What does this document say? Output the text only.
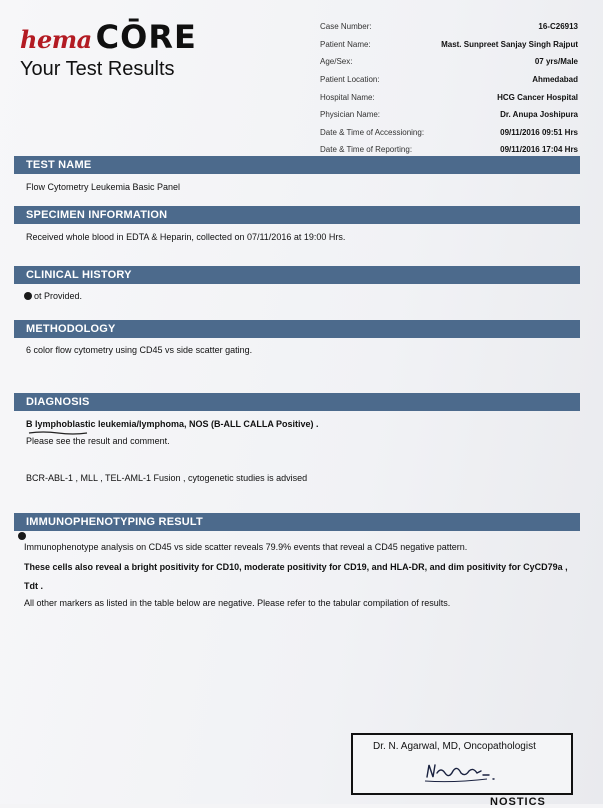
hema CŌRE
Your Test Results
Case Number:	16-C26913
Patient Name:	Mast. Sunpreet Sanjay Singh Rajput
Age/Sex:	07 yrs/Male
Patient Location:	Ahmedabad
Hospital Name:	HCG Cancer Hospital
Physician Name:	Dr. Anupa Joshipura
Date & Time of Accessioning:	09/11/2016 09:51 Hrs
Date & Time of Reporting:	09/11/2016 17:04 Hrs
TEST NAME
Flow Cytometry Leukemia Basic Panel
SPECIMEN INFORMATION
Received whole blood in EDTA & Heparin, collected on 07/11/2016 at 19:00 Hrs.
CLINICAL HISTORY
ot Provided.
METHODOLOGY
6 color flow cytometry using CD45 vs side scatter gating.
DIAGNOSIS
B lymphoblastic leukemia/lymphoma, NOS (B-ALL CALLA Positive) .
Please see the result and comment.
BCR-ABL-1 , MLL , TEL-AML-1 Fusion , cytogenetic studies is advised
IMMUNOPHENOTYPING RESULT
Immunophenotype analysis on CD45 vs side scatter reveals 79.9% events that reveal a CD45 negative pattern.
These cells also reveal a bright positivity for CD10, moderate positivity for CD19, and HLA-DR, and dim positivity for CyCD79a ,
Tdt .
All other markers as listed in the table below are negative. Please refer to the tabular compilation of results.
Dr. N. Agarwal, MD, Oncopathologist
NOSTICS
